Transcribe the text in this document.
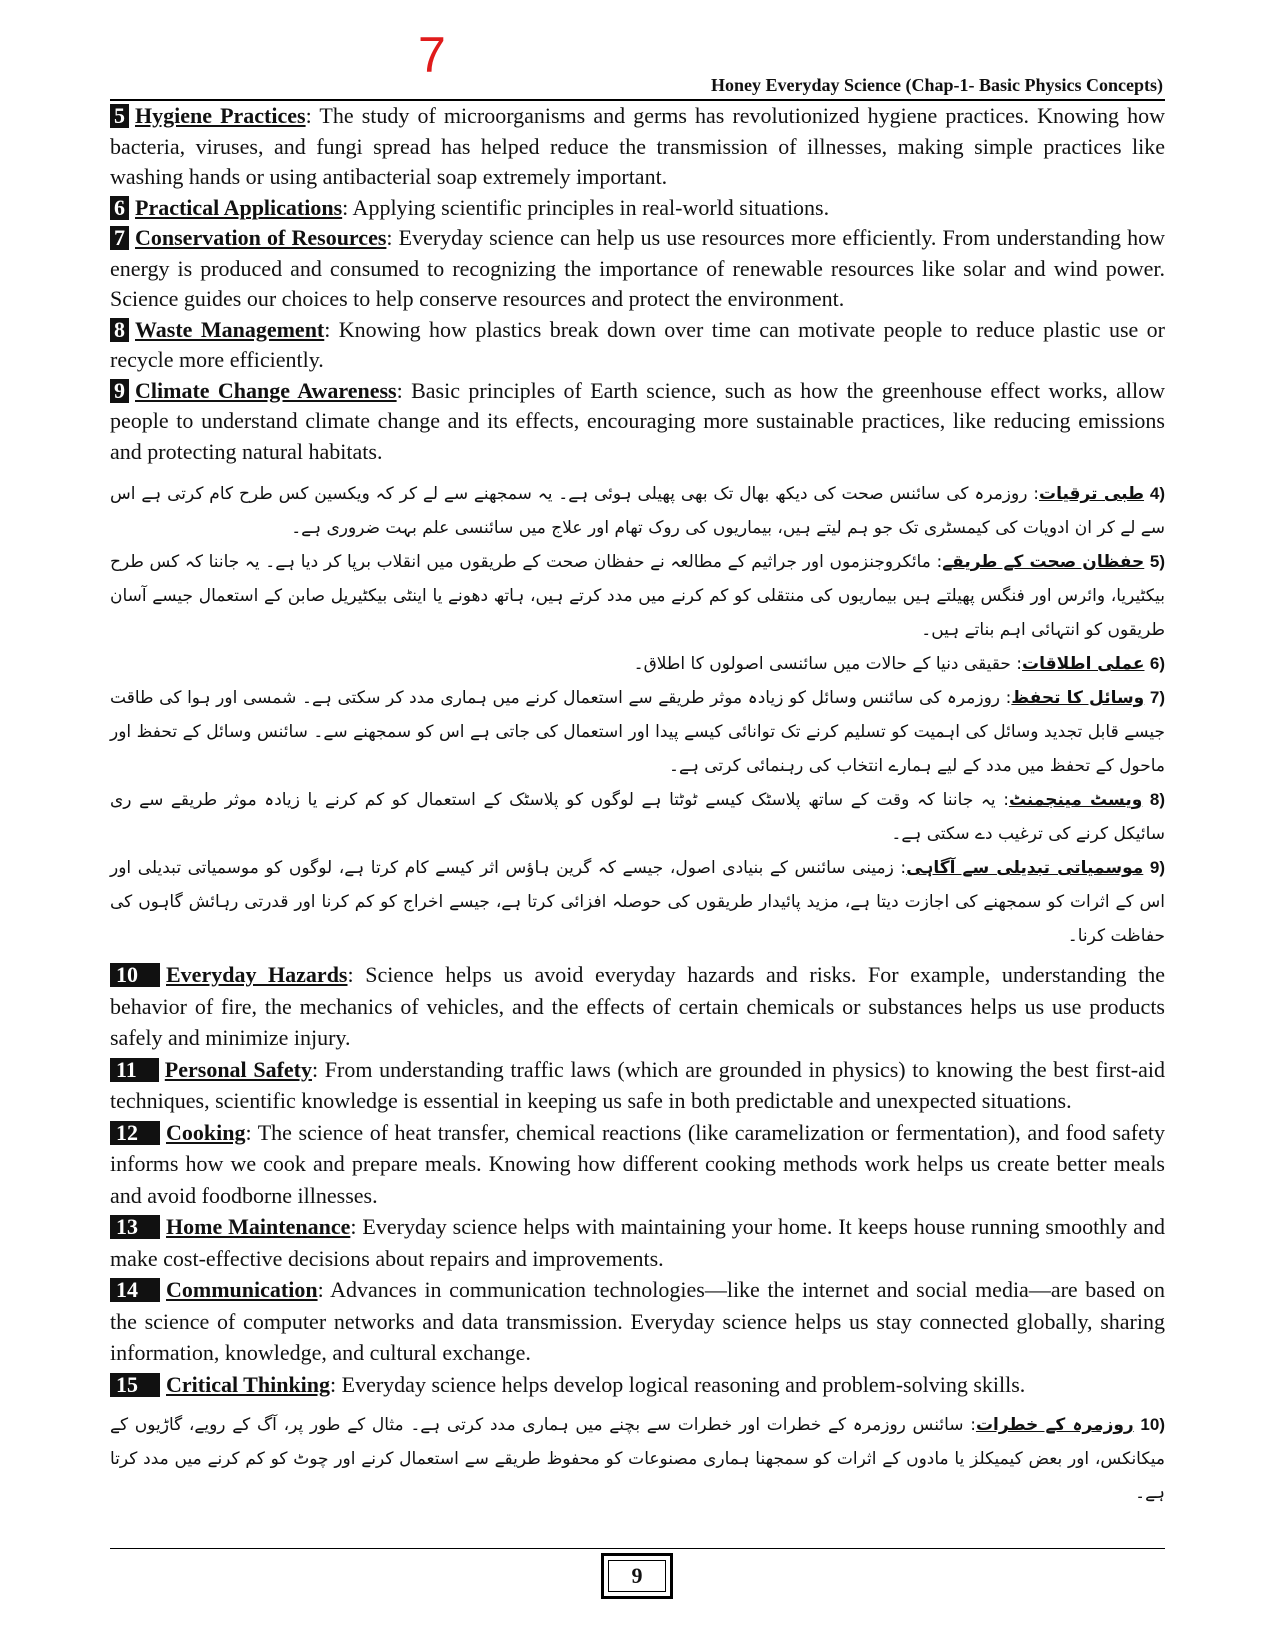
7
Honey Everyday Science (Chap-1- Basic Physics Concepts)

5 Hygiene Practices: The study of microorganisms and germs has revolutionized hygiene practices. Knowing how bacteria, viruses, and fungi spread has helped reduce the transmission of illnesses, making simple practices like washing hands or using antibacterial soap extremely important.

6 Practical Applications: Applying scientific principles in real-world situations.

7 Conservation of Resources: Everyday science can help us use resources more efficiently. From understanding how energy is produced and consumed to recognizing the importance of renewable resources like solar and wind power. Science guides our choices to help conserve resources and protect the environment.

8 Waste Management: Knowing how plastics break down over time can motivate people to reduce plastic use or recycle more efficiently.

9 Climate Change Awareness: Basic principles of Earth science, such as how the greenhouse effect works, allow people to understand climate change and its effects, encouraging more sustainable practices, like reducing emissions and protecting natural habitats.

4) طبی ترقیات: روزمرہ کی سائنس صحت کی دیکھ بھال تک بھی پھیلی ہوئی ہے۔ یہ سمجھنے سے لے کر کہ ویکسین کس طرح کام کرتی ہے اس سے لے کر ان ادویات کی کیمسٹری تک جو ہم لیتے ہیں، بیماریوں کی روک تھام اور علاج میں سائنسی علم بہت ضروری ہے۔

5) حفظان صحت کے طریقے: مائکروجنزموں اور جراثیم کے مطالعہ نے حفظان صحت کے طریقوں میں انقلاب برپا کر دیا ہے۔ یہ جاننا کہ کس طرح بیکٹیریا، وائرس اور فنگس پھیلتے ہیں بیماریوں کی منتقلی کو کم کرنے میں مدد کرتے ہیں، ہاتھ دھونے یا اینٹی بیکٹیریل صابن کے استعمال جیسے آسان طریقوں کو انتہائی اہم بناتے ہیں۔

6) عملی اطلاقات: حقیقی دنیا کے حالات میں سائنسی اصولوں کا اطلاق۔

7) وسائل کا تحفظ: روزمرہ کی سائنس وسائل کو زیادہ موثر طریقے سے استعمال کرنے میں ہماری مدد کر سکتی ہے۔ شمسی اور ہوا کی طاقت جیسے قابل تجدید وسائل کی اہمیت کو تسلیم کرنے تک توانائی کیسے پیدا اور استعمال کی جاتی ہے اس کو سمجھنے سے۔ سائنس وسائل کے تحفظ اور ماحول کے تحفظ میں مدد کے لیے ہمارے انتخاب کی رہنمائی کرتی ہے۔

8) ویسٹ مینجمنٹ: یہ جاننا کہ وقت کے ساتھ پلاسٹک کیسے ٹوٹتا ہے لوگوں کو پلاسٹک کے استعمال کو کم کرنے یا زیادہ موثر طریقے سے ری سائیکل کرنے کی ترغیب دے سکتی ہے۔

9) موسمیاتی تبدیلی سے آگاہی: زمینی سائنس کے بنیادی اصول، جیسے کہ گرین ہاؤس اثر کیسے کام کرتا ہے، لوگوں کو موسمیاتی تبدیلی اور اس کے اثرات کو سمجھنے کی اجازت دیتا ہے، مزید پائیدار طریقوں کی حوصلہ افزائی کرتا ہے، جیسے اخراج کو کم کرنا اور قدرتی رہائش گاہوں کی حفاظت کرنا۔

10 Everyday Hazards: Science helps us avoid everyday hazards and risks. For example, understanding the behavior of fire, the mechanics of vehicles, and the effects of certain chemicals or substances helps us use products safely and minimize injury.

11 Personal Safety: From understanding traffic laws (which are grounded in physics) to knowing the best first-aid techniques, scientific knowledge is essential in keeping us safe in both predictable and unexpected situations.

12 Cooking: The science of heat transfer, chemical reactions (like caramelization or fermentation), and food safety informs how we cook and prepare meals. Knowing how different cooking methods work helps us create better meals and avoid foodborne illnesses.

13 Home Maintenance: Everyday science helps with maintaining your home. It keeps house running smoothly and make cost-effective decisions about repairs and improvements.

14 Communication: Advances in communication technologies—like the internet and social media—are based on the science of computer networks and data transmission. Everyday science helps us stay connected globally, sharing information, knowledge, and cultural exchange.

15 Critical Thinking: Everyday science helps develop logical reasoning and problem-solving skills.

10) روزمرہ کے خطرات: سائنس روزمرہ کے خطرات اور خطرات سے بچنے میں ہماری مدد کرتی ہے۔ مثال کے طور پر، آگ کے رویے، گاڑیوں کے میکانکس، اور بعض کیمیکلز یا مادوں کے اثرات کو سمجھنا ہماری مصنوعات کو محفوظ طریقے سے استعمال کرنے اور چوٹ کو کم کرنے میں مدد کرتا ہے۔

9
